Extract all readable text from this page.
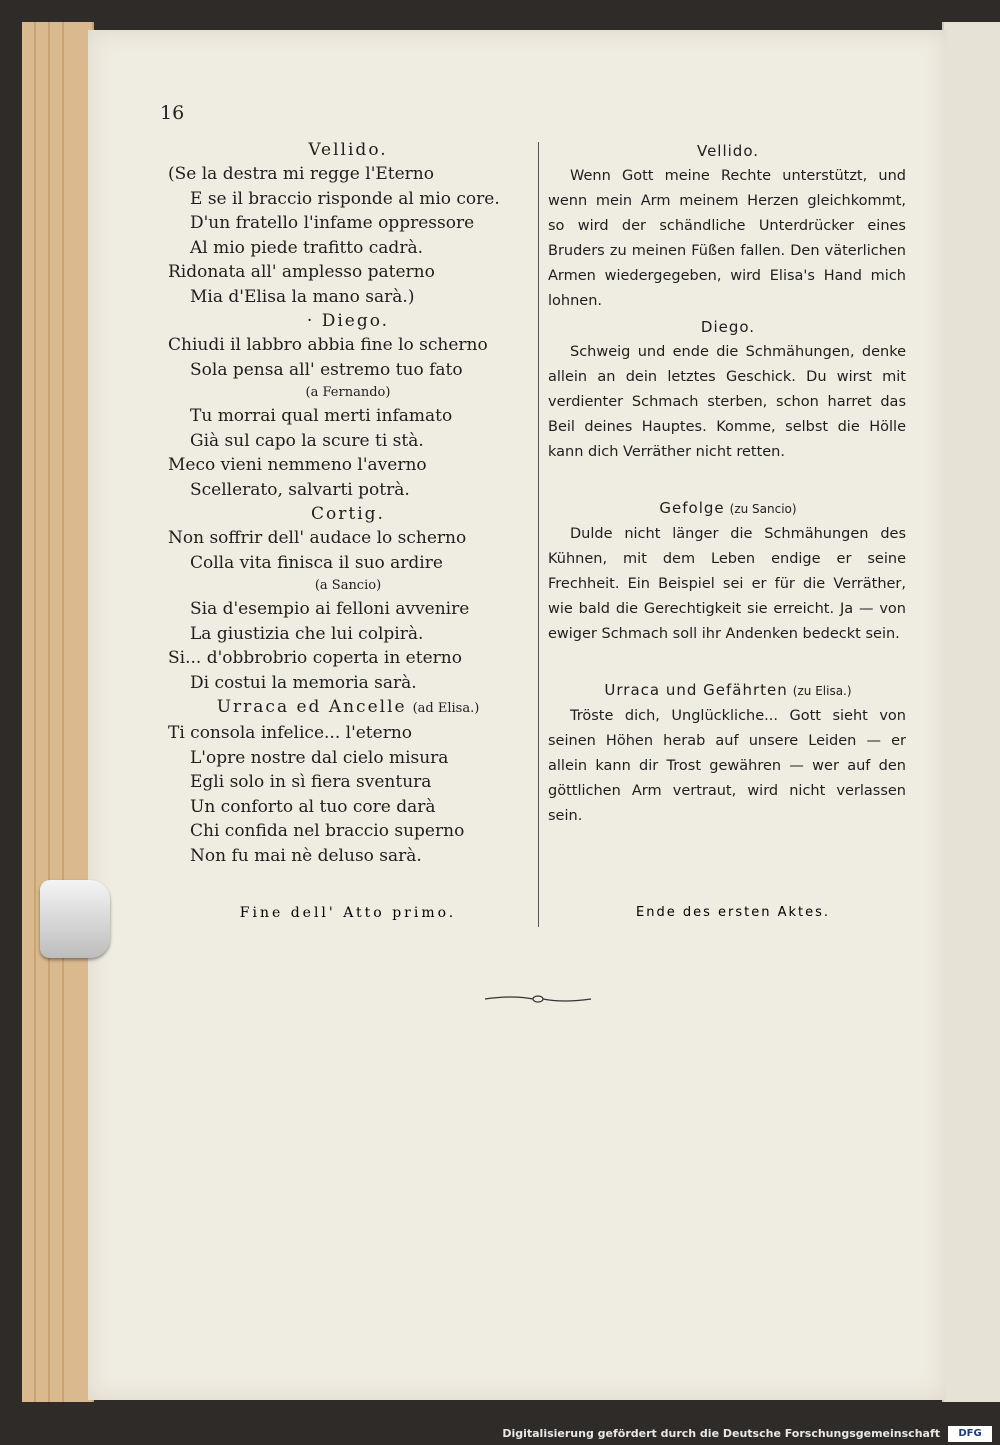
16
Vellido.
(Se la destra mi regge l'Eterno
E se il braccio risponde al mio core.
D'un fratello l'infame oppressore
Al mio piede trafitto cadrà.
Ridonata all' amplesso paterno
Mia d'Elisa la mano sarà.)
· Diego.
Chiudi il labbro abbia fine lo scherno
Sola pensa all' estremo tuo fato
(a Fernando)
Tu morrai qual merti infamato
Già sul capo la scure ti stà.
Meco vieni nemmeno l'averno
Scellerato, salvarti potrà.
Cortig.
Non soffrir dell' audace lo scherno
Colla vita finisca il suo ardire
(a Sancio)
Sia d'esempio ai felloni avvenire
La giustizia che lui colpirà.
Si... d'obbrobrio coperta in eterno
Di costui la memoria sarà.
Urraca ed Ancelle (ad Elisa.)
Ti consola infelice... l'eterno
L'opre nostre dal cielo misura
Egli solo in sì fiera sventura
Un conforto al tuo core darà
Chi confida nel braccio superno
Non fu mai nè deluso sarà.
Vellido.
Wenn Gott meine Rechte unterstützt, und wenn mein Arm meinem Herzen gleichkommt, so wird der schändliche Unterdrücker eines Bruders zu meinen Füßen fallen. Den väterlichen Armen wiedergegeben, wird Elisa's Hand mich lohnen.
Diego.
Schweig und ende die Schmähungen, denke allein an dein letztes Geschick. Du wirst mit verdienter Schmach sterben, schon harret das Beil deines Hauptes. Komme, selbst die Hölle kann dich Verräther nicht retten.
Gefolge (zu Sancio)
Dulde nicht länger die Schmähungen des Kühnen, mit dem Leben endige er seine Frechheit. Ein Beispiel sei er für die Verräther, wie bald die Gerechtigkeit sie erreicht. Ja — von ewiger Schmach soll ihr Andenken bedeckt sein.
Urraca und Gefährten (zu Elisa.)
Tröste dich, Unglückliche... Gott sieht von seinen Höhen herab auf unsere Leiden — er allein kann dir Trost gewähren — wer auf den göttlichen Arm vertraut, wird nicht verlassen sein.
Fine dell' Atto primo.	Ende des ersten Aktes.
Digitalisierung gefördert durch die Deutsche Forschungsgemeinschaft	DFG
